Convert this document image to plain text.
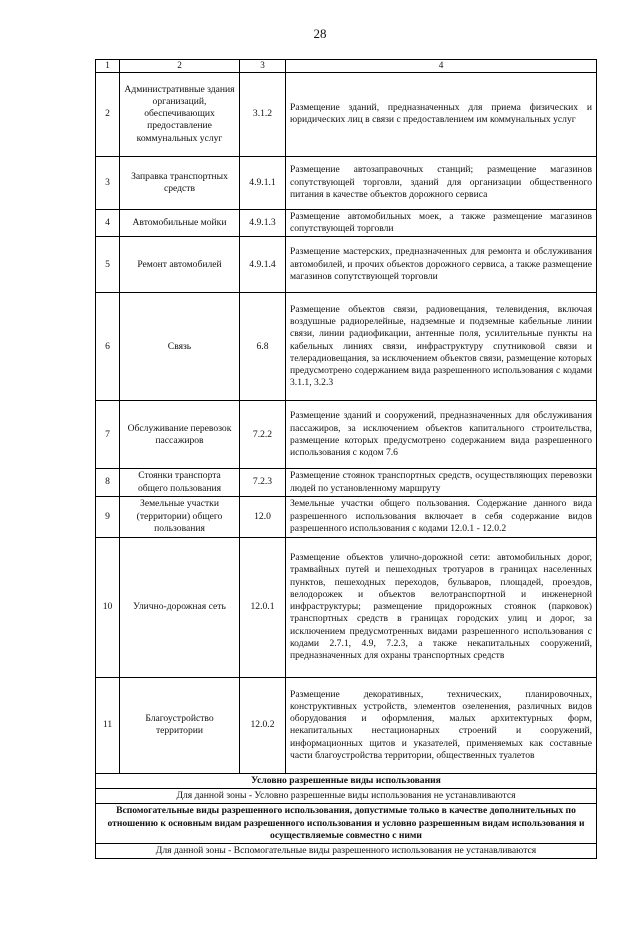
28
1	2	3	4
2	Административные здания организаций, обеспечивающих предоставление коммунальных услуг	3.1.2	Размещение зданий, предназначенных для приема физических и юридических лиц в связи с предоставлением им коммунальных услуг
3	Заправка транспортных средств	4.9.1.1	Размещение автозаправочных станций; размещение магазинов сопутствующей торговли, зданий для организации общественного питания в качестве объектов дорожного сервиса
4	Автомобильные мойки	4.9.1.3	Размещение автомобильных моек, а также размещение магазинов сопутствующей торговли
5	Ремонт автомобилей	4.9.1.4	Размещение мастерских, предназначенных для ремонта и обслуживания автомобилей, и прочих объектов дорожного сервиса, а также размещение магазинов сопутствующей торговли
6	Связь	6.8	Размещение объектов связи, радиовещания, телевидения, включая воздушные радиорелейные, надземные и подземные кабельные линии связи, линии радиофикации, антенные поля, усилительные пункты на кабельных линиях связи, инфраструктуру спутниковой связи и телерадиовещания, за исключением объектов связи, размещение которых предусмотрено содержанием вида разрешенного использования с кодами 3.1.1, 3.2.3
7	Обслуживание перевозок пассажиров	7.2.2	Размещение зданий и сооружений, предназначенных для обслуживания пассажиров, за исключением объектов капитального строительства, размещение которых предусмотрено содержанием вида разрешенного использования с кодом 7.6
8	Стоянки транспорта общего пользования	7.2.3	Размещение стоянок транспортных средств, осуществляющих перевозки людей по установленному маршруту
9	Земельные участки (территории) общего пользования	12.0	Земельные участки общего пользования. Содержание данного вида разрешенного использования включает в себя содержание видов разрешенного использования с кодами 12.0.1 - 12.0.2
10	Улично-дорожная сеть	12.0.1	Размещение объектов улично-дорожной сети: автомобильных дорог, трамвайных путей и пешеходных тротуаров в границах населенных пунктов, пешеходных переходов, бульваров, площадей, проездов, велодорожек и объектов велотранспортной и инженерной инфраструктуры; размещение придорожных стоянок (парковок) транспортных средств в границах городских улиц и дорог, за исключением предусмотренных видами разрешенного использования с кодами 2.7.1, 4.9, 7.2.3, а также некапитальных сооружений, предназначенных для охраны транспортных средств
11	Благоустройство территории	12.0.2	Размещение декоративных, технических, планировочных, конструктивных устройств, элементов озеленения, различных видов оборудования и оформления, малых архитектурных форм, некапитальных нестационарных строений и сооружений, информационных щитов и указателей, применяемых как составные части благоустройства территории, общественных туалетов
Условно разрешенные виды использования			
Для данной зоны - Условно разрешенные виды использования не устанавливаются			
Вспомогательные виды разрешенного использования, допустимые только в качестве дополнительных по отношению к основным видам разрешенного использования и условно разрешенным видам использования и осуществляемые совместно с ними			
Для данной зоны - Вспомогательные виды разрешенного использования не устанавливаются			
